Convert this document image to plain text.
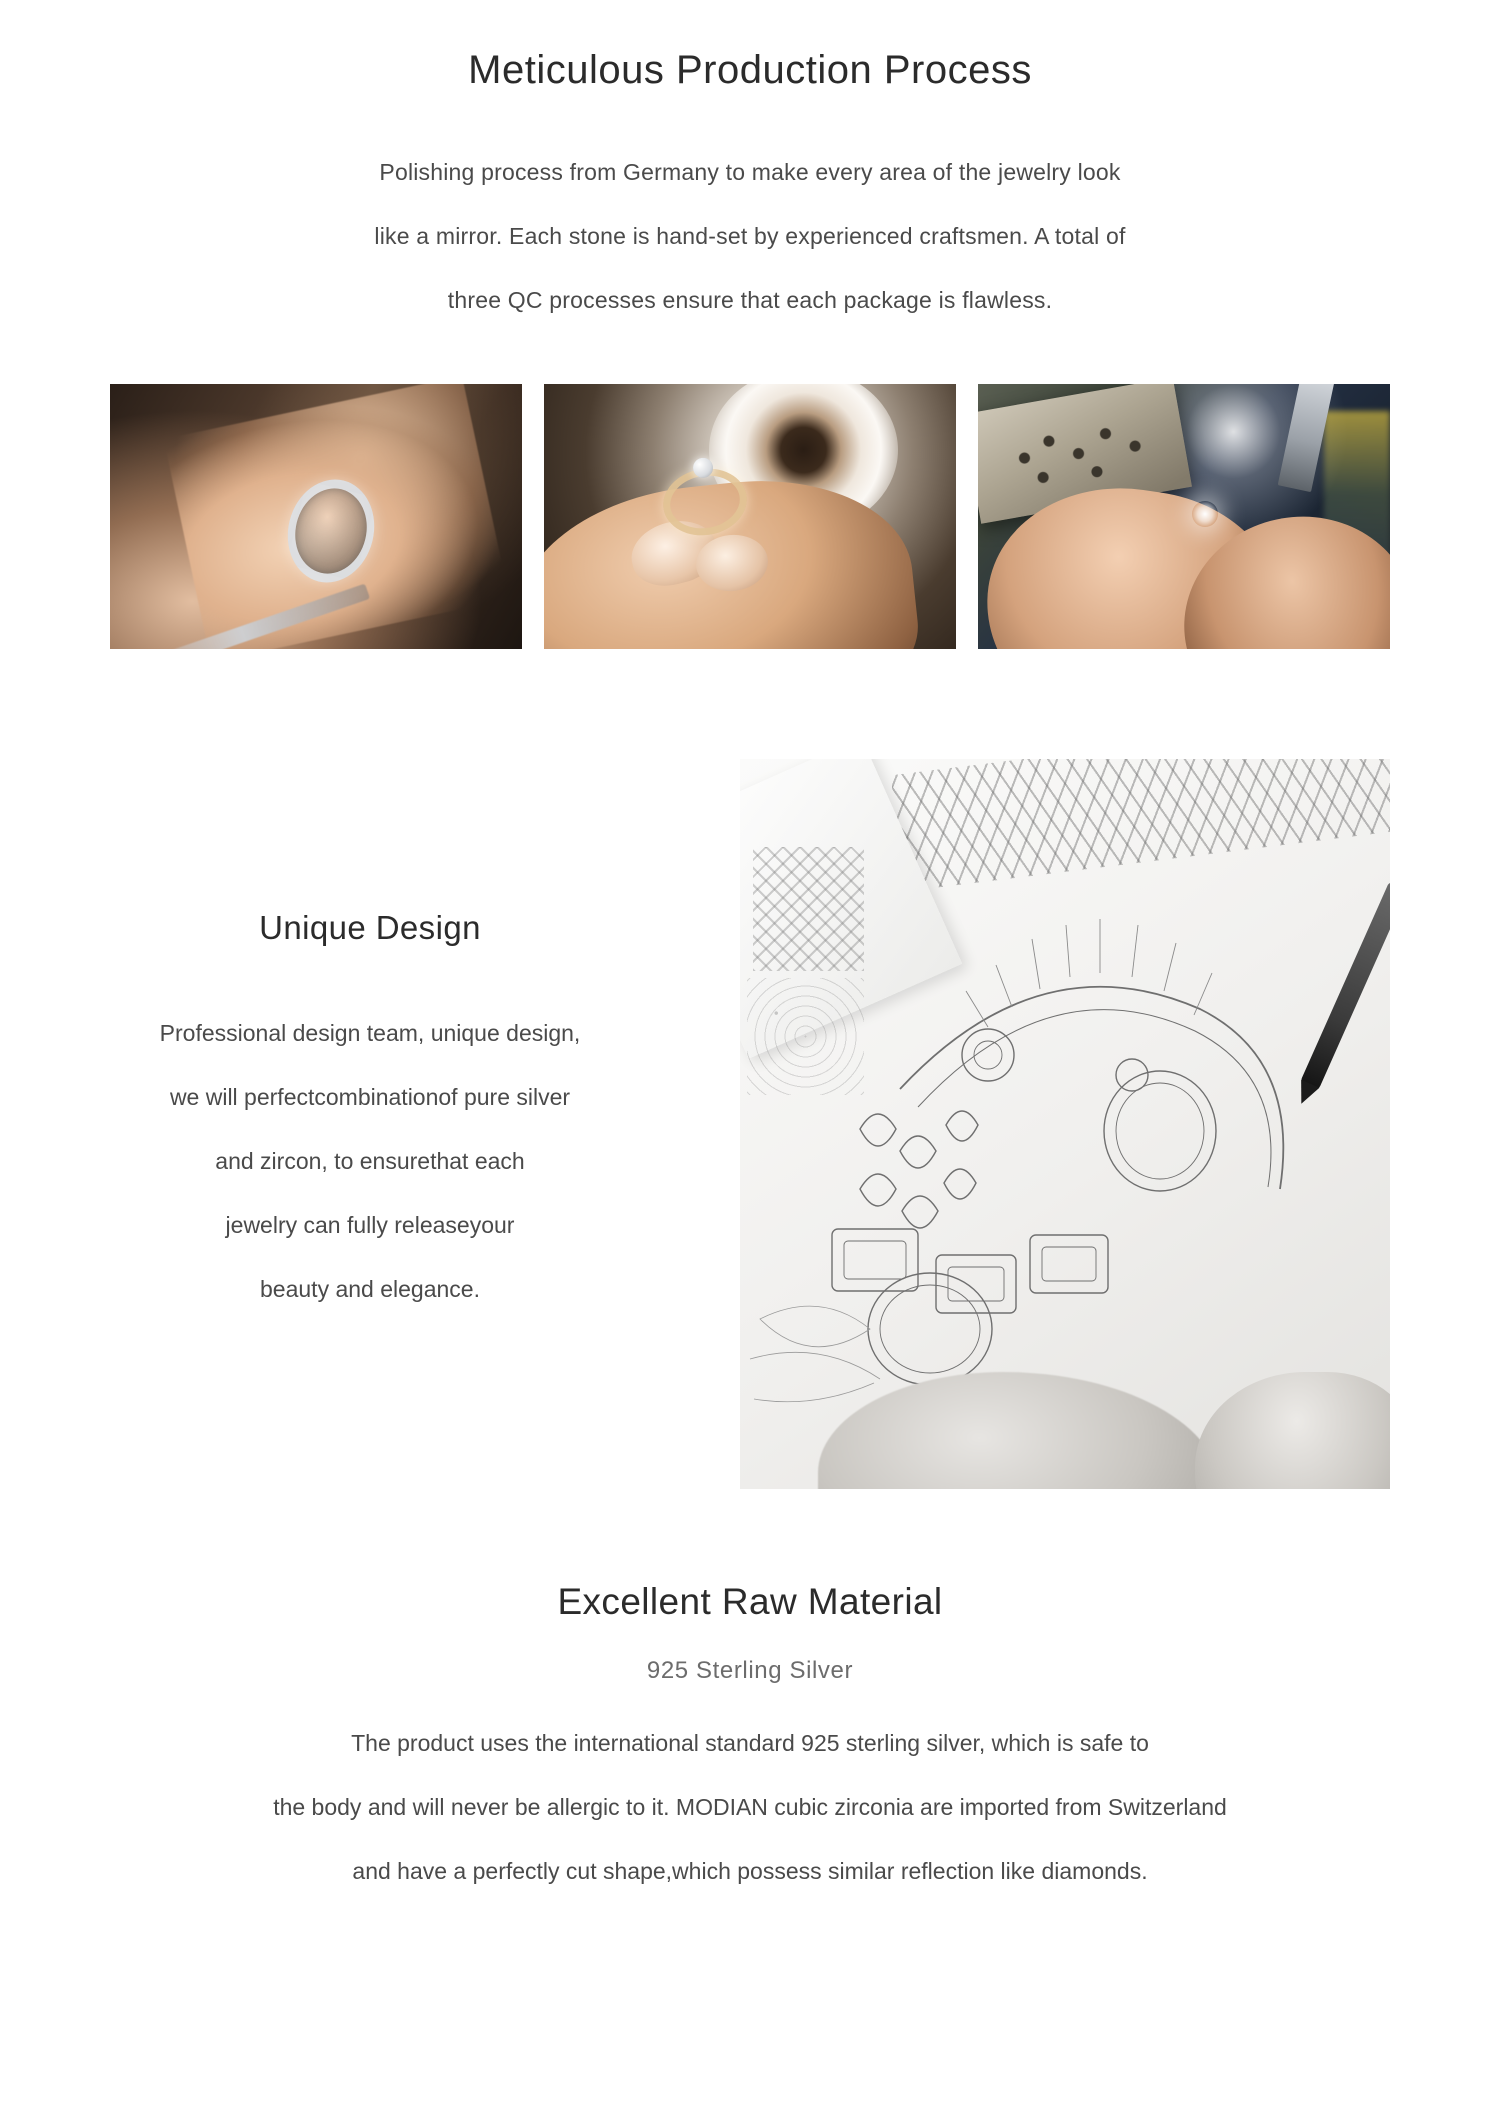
Meticulous Production Process
Polishing process from Germany to make every area of the jewelry look
like a mirror. Each stone is hand-set by experienced craftsmen. A total of
three QC processes ensure that each package is flawless.
Unique Design
Professional design team, unique design,
we will perfectcombinationof pure silver
and zircon, to ensurethat each
jewelry can fully releaseyour
beauty and elegance.
Excellent Raw Material
925 Sterling Silver
The product uses the international standard 925 sterling silver, which is safe to
the body and will never be allergic to it. MODIAN cubic zirconia are imported from Switzerland
and have a perfectly cut shape,which possess similar reflection like diamonds.
